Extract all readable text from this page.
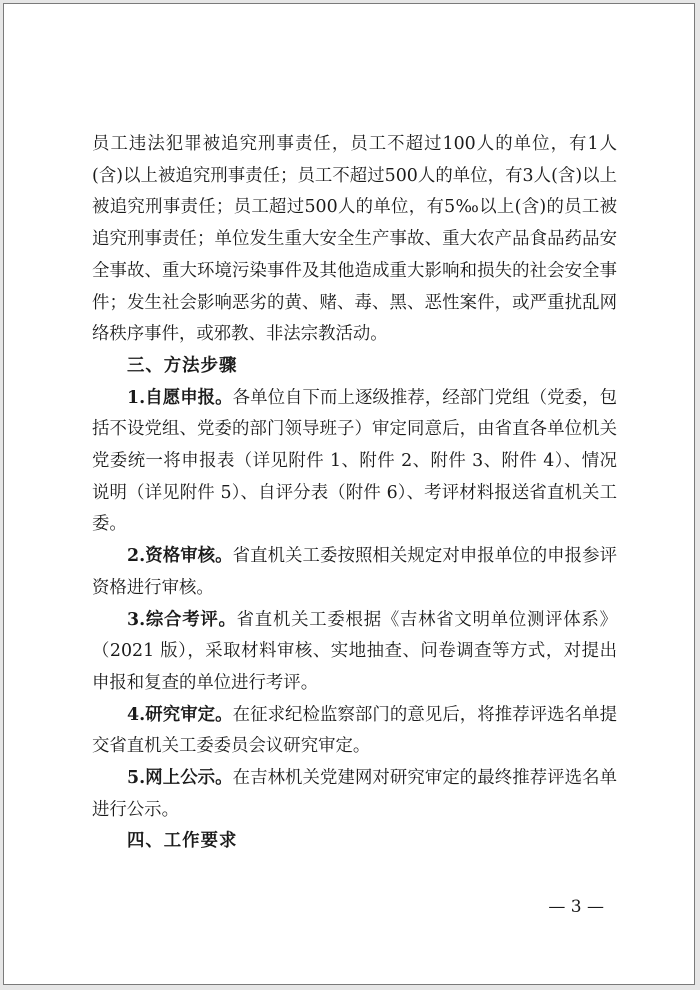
员工违法犯罪被追究刑事责任，员工不超过100人的单位，有1人(含)以上被追究刑事责任；员工不超过500人的单位，有3人(含)以上被追究刑事责任；员工超过500人的单位，有5‰以上(含)的员工被追究刑事责任；单位发生重大安全生产事故、重大农产品食品药品安全事故、重大环境污染事件及其他造成重大影响和损失的社会安全事件；发生社会影响恶劣的黄、赌、毒、黑、恶性案件，或严重扰乱网络秩序事件，或邪教、非法宗教活动。

三、方法步骤

1.自愿申报。各单位自下而上逐级推荐，经部门党组（党委，包括不设党组、党委的部门领导班子）审定同意后，由省直各单位机关党委统一将申报表（详见附件 1、附件 2、附件 3、附件 4）、情况说明（详见附件 5）、自评分表（附件 6）、考评材料报送省直机关工委。

2.资格审核。省直机关工委按照相关规定对申报单位的申报参评资格进行审核。

3.综合考评。省直机关工委根据《吉林省文明单位测评体系》（2021 版），采取材料审核、实地抽查、问卷调查等方式，对提出申报和复查的单位进行考评。

4.研究审定。在征求纪检监察部门的意见后，将推荐评选名单提交省直机关工委委员会议研究审定。

5.网上公示。在吉林机关党建网对研究审定的最终推荐评选名单进行公示。

四、工作要求

— 3 —
